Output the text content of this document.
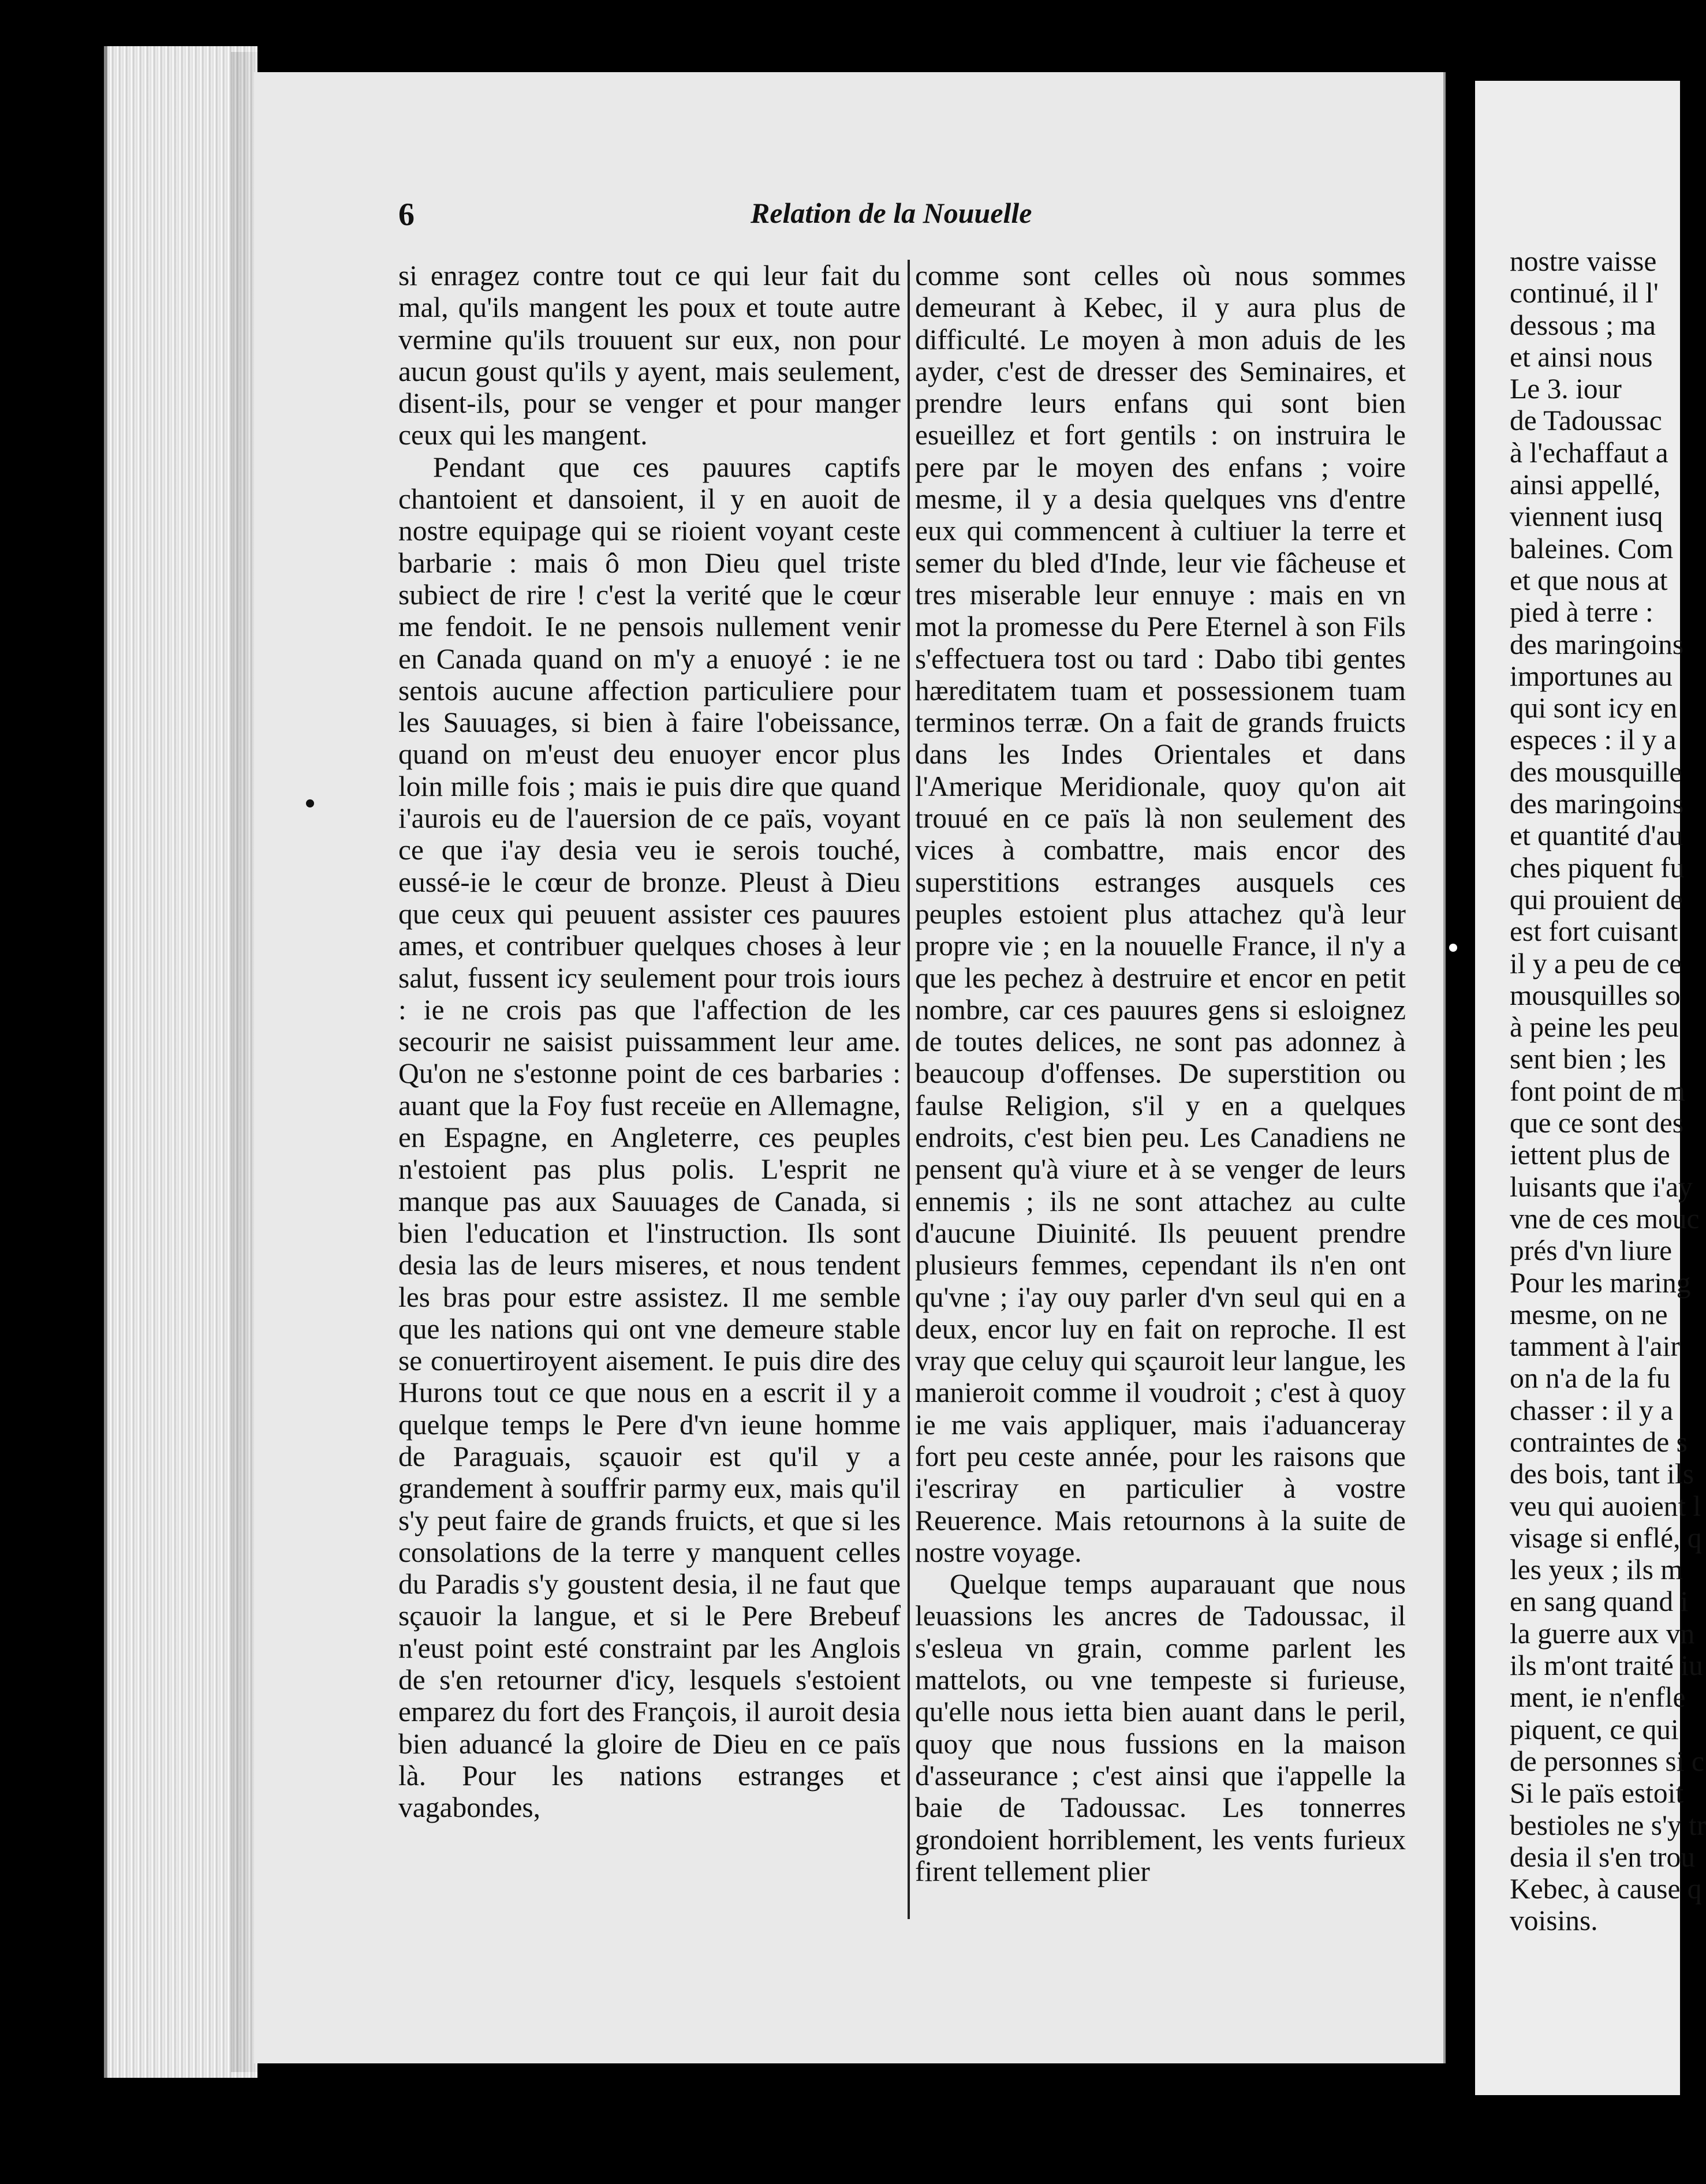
6	Relation de la Nouuelle

si enragez contre tout ce qui leur fait du mal, qu'ils mangent les poux et toute autre vermine qu'ils trouuent sur eux, non pour aucun goust qu'ils y ayent, mais seulement, disent-ils, pour se venger et pour manger ceux qui les mangent.

Pendant que ces pauures captifs chantoient et dansoient, il y en auoit de nostre equipage qui se rioient voyant ceste barbarie : mais ô mon Dieu quel triste subiect de rire ! c'est la verité que le cœur me fendoit. Ie ne pensois nullement venir en Canada quand on m'y a enuoyé : ie ne sentois aucune affection particuliere pour les Sauuages, si bien à faire l'obeissance, quand on m'eust deu enuoyer encor plus loin mille fois ; mais ie puis dire que quand i'aurois eu de l'auersion de ce païs, voyant ce que i'ay desia veu ie serois touché, eussé-ie le cœur de bronze. Pleust à Dieu que ceux qui peuuent assister ces pauures ames, et contribuer quelques choses à leur salut, fussent icy seulement pour trois iours : ie ne crois pas que l'affection de les secourir ne saisist puissamment leur ame. Qu'on ne s'estonne point de ces barbaries : auant que la Foy fust receüe en Allemagne, en Espagne, en Angleterre, ces peuples n'estoient pas plus polis. L'esprit ne manque pas aux Sauuages de Canada, si bien l'education et l'instruction. Ils sont desia las de leurs miseres, et nous tendent les bras pour estre assistez. Il me semble que les nations qui ont vne demeure stable se conuertiroyent aisement. Ie puis dire des Hurons tout ce que nous en a escrit il y a quelque temps le Pere d'vn ieune homme de Paraguais, sçauoir est qu'il y a grandement à souffrir parmy eux, mais qu'il s'y peut faire de grands fruicts, et que si les consolations de la terre y manquent celles du Paradis s'y goustent desia, il ne faut que sçauoir la langue, et si le Pere Brebeuf n'eust point esté constraint par les Anglois de s'en retourner d'icy, lesquels s'estoient emparez du fort des François, il auroit desia bien aduancé la gloire de Dieu en ce païs là. Pour les nations estranges et vagabondes,

comme sont celles où nous sommes demeurant à Kebec, il y aura plus de difficulté. Le moyen à mon aduis de les ayder, c'est de dresser des Seminaires, et prendre leurs enfans qui sont bien esueillez et fort gentils : on instruira le pere par le moyen des enfans ; voire mesme, il y a desia quelques vns d'entre eux qui commencent à cultiuer la terre et semer du bled d'Inde, leur vie fâcheuse et tres miserable leur ennuye : mais en vn mot la promesse du Pere Eternel à son Fils s'effectuera tost ou tard : Dabo tibi gentes hæreditatem tuam et possessionem tuam terminos terræ. On a fait de grands fruicts dans les Indes Orientales et dans l'Amerique Meridionale, quoy qu'on ait trouué en ce païs là non seulement des vices à combattre, mais encor des superstitions estranges ausquels ces peuples estoient plus attachez qu'à leur propre vie ; en la nouuelle France, il n'y a que les pechez à destruire et encor en petit nombre, car ces pauures gens si esloignez de toutes delices, ne sont pas adonnez à beaucoup d'offenses. De superstition ou faulse Religion, s'il y en a quelques endroits, c'est bien peu. Les Canadiens ne pensent qu'à viure et à se venger de leurs ennemis ; ils ne sont attachez au culte d'aucune Diuinité. Ils peuuent prendre plusieurs femmes, cependant ils n'en ont qu'vne ; i'ay ouy parler d'vn seul qui en a deux, encor luy en fait on reproche. Il est vray que celuy qui sçauroit leur langue, les manieroit comme il voudroit ; c'est à quoy ie me vais appliquer, mais i'aduanceray fort peu ceste année, pour les raisons que i'escriray en particulier à vostre Reuerence. Mais retournons à la suite de nostre voyage.

Quelque temps auparauant que nous leuassions les ancres de Tadoussac, il s'esleua vn grain, comme parlent les mattelots, ou vne tempeste si furieuse, qu'elle nous ietta bien auant dans le peril, quoy que nous fussions en la maison d'asseurance ; c'est ainsi que i'appelle la baie de Tadoussac. Les tonnerres grondoient horriblement, les vents furieux firent tellement plier

nostre vaisse

continué, il l'

dessous ; ma

et ainsi nous

Le 3. iour

de Tadoussac

à l'echaffaut a

ainsi appellé,

viennent iusq

baleines. Com

et que nous at

pied à terre :

des maringoins

importunes au

qui sont icy en

especes : il y a

des mousquille

des maringoins

et quantité d'au

ches piquent fu

qui prouient de

est fort cuisant

il y a peu de ce

mousquilles so

à peine les peu

sent bien ; les

font point de m

que ce sont des

iettent plus de

luisants que i'ay

vne de ces mouc

prés d'vn liure

Pour les maring

mesme, on ne

tamment à l'air

on n'a de la fu

chasser : il y a

contraintes de s

des bois, tant ils

veu qui auoient l

visage si enflé, q

les yeux ; ils m

en sang quand i

la guerre aux vn

ils m'ont traité iu

ment, ie n'enfle

piquent, ce qui

de personnes si c

Si le païs estoit

bestioles ne s'y tr

desia il s'en trou

Kebec, à cause q

voisins.
